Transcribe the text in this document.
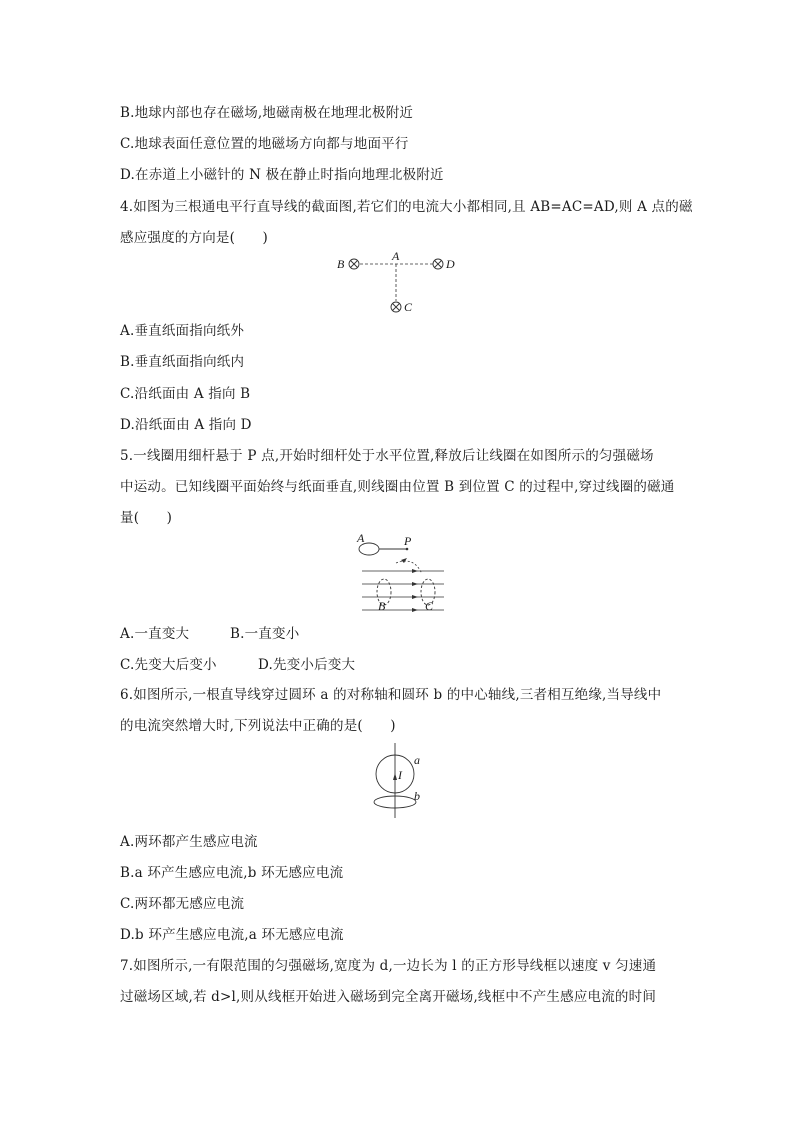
B.地球内部也存在磁场,地磁南极在地理北极附近
C.地球表面任意位置的地磁场方向都与地面平行
D.在赤道上小磁针的 N 极在静止时指向地理北极附近
4.如图为三根通电平行直导线的截面图,若它们的电流大小都相同,且 AB=AC=AD,则 A 点的磁
感应强度的方向是(　　)
A
B	D
C
A.垂直纸面指向纸外
B.垂直纸面指向纸内
C.沿纸面由 A 指向 B
D.沿纸面由 A 指向 D
5.一线圈用细杆悬于 P 点,开始时细杆处于水平位置,释放后让线圈在如图所示的匀强磁场
中运动。已知线圈平面始终与纸面垂直,则线圈由位置 B 到位置 C 的过程中,穿过线圈的磁通
量(　　)
A	P
B	C
A.一直变大	B.一直变小
C.先变大后变小	D.先变小后变大
6.如图所示,一根直导线穿过圆环 a 的对称轴和圆环 b 的中心轴线,三者相互绝缘,当导线中
的电流突然增大时,下列说法中正确的是(　　)
I
a
b
A.两环都产生感应电流
B.a 环产生感应电流,b 环无感应电流
C.两环都无感应电流
D.b 环产生感应电流,a 环无感应电流
7.如图所示,一有限范围的匀强磁场,宽度为 d,一边长为 l 的正方形导线框以速度 v 匀速通
过磁场区域,若 d>l,则从线框开始进入磁场到完全离开磁场,线框中不产生感应电流的时间
